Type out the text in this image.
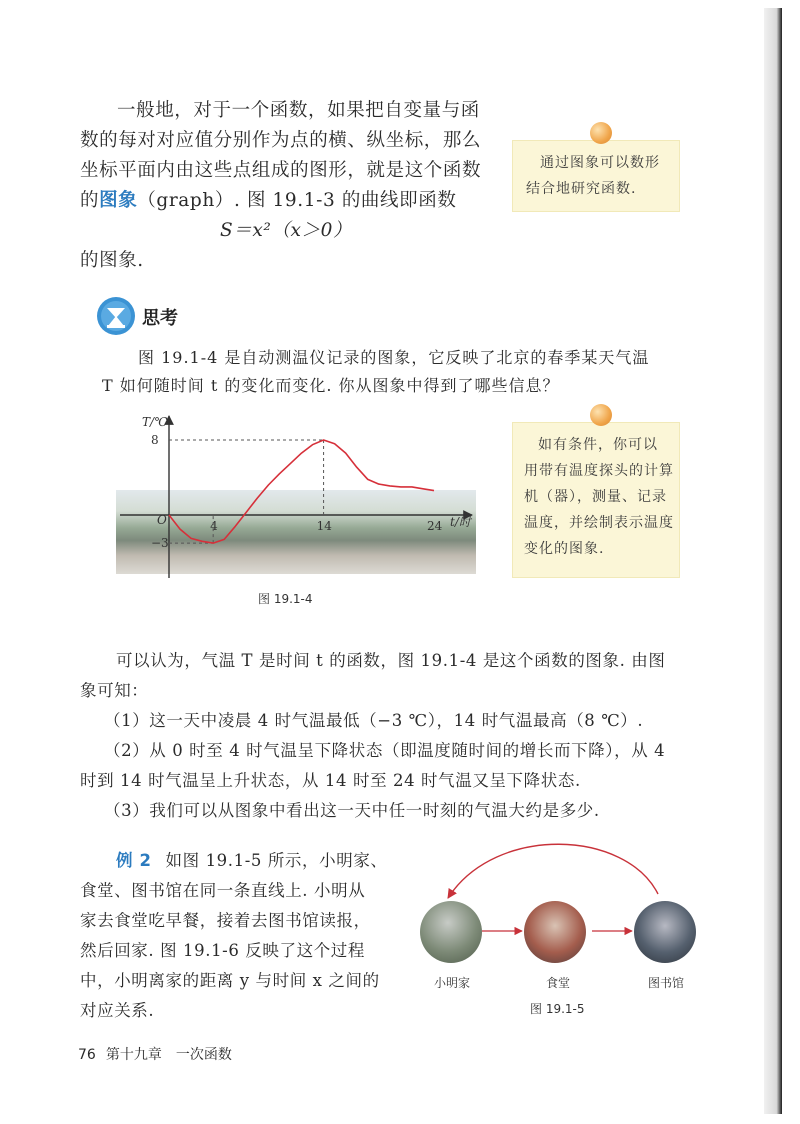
一般地，对于一个函数，如果把自变量与函
数的每对对应值分别作为点的横、纵坐标，那么
坐标平面内由这些点组成的图形，就是这个函数
的图象（graph）. 图 19.1-3 的曲线即函数
S＝x²（x＞0）
的图象.
通过图象可以数形
结合地研究函数.
思考
图 19.1-4 是自动测温仪记录的图象，它反映了北京的春季某天气温
T 如何随时间 t 的变化而变化. 你从图象中得到了哪些信息？
T/℃
t/时
O	4	14	24
8
−3
图 19.1-4
如有条件，你可以
用带有温度探头的计算
机（器），测量、记录
温度，并绘制表示温度
变化的图象.
可以认为，气温 T 是时间 t 的函数，图 19.1-4 是这个函数的图象. 由图
象可知：
（1）这一天中凌晨 4 时气温最低（−3 ℃），14 时气温最高（8 ℃）.
（2）从 0 时至 4 时气温呈下降状态（即温度随时间的增长而下降），从 4
时到 14 时气温呈上升状态，从 14 时至 24 时气温又呈下降状态.
（3）我们可以从图象中看出这一天中任一时刻的气温大约是多少.
例 2 如图 19.1-5 所示，小明家、
食堂、图书馆在同一条直线上. 小明从
家去食堂吃早餐，接着去图书馆读报，
然后回家. 图 19.1-6 反映了这个过程
中，小明离家的距离 y 与时间 x 之间的
对应关系.
小明家	食堂	图书馆
图 19.1-5
76 第十九章　一次函数
